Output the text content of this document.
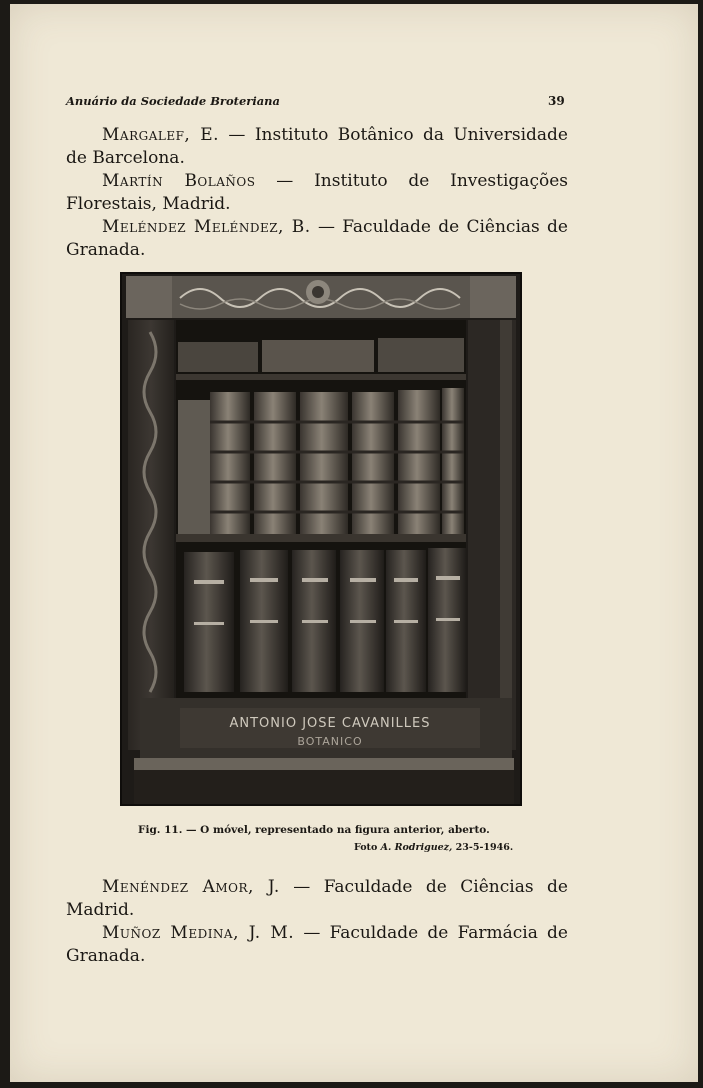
Anuário da Sociedade Broteriana	39
Margalef, E. — Instituto Botânico da Universidade de Barcelona.
Martín Bolaños — Instituto de Investigações Florestais, Madrid.
Meléndez Meléndez, B. — Faculdade de Ciências de Granada.
ANTONIO JOSE CAVANILLES
BOTANICO
Fig. 11. — O móvel, representado na figura anterior, aberto.
Foto A. Rodriguez, 23-5-1946.
Menéndez Amor, J. — Faculdade de Ciências de Madrid.
Muñoz Medina, J. M. — Faculdade de Farmácia de Granada.
